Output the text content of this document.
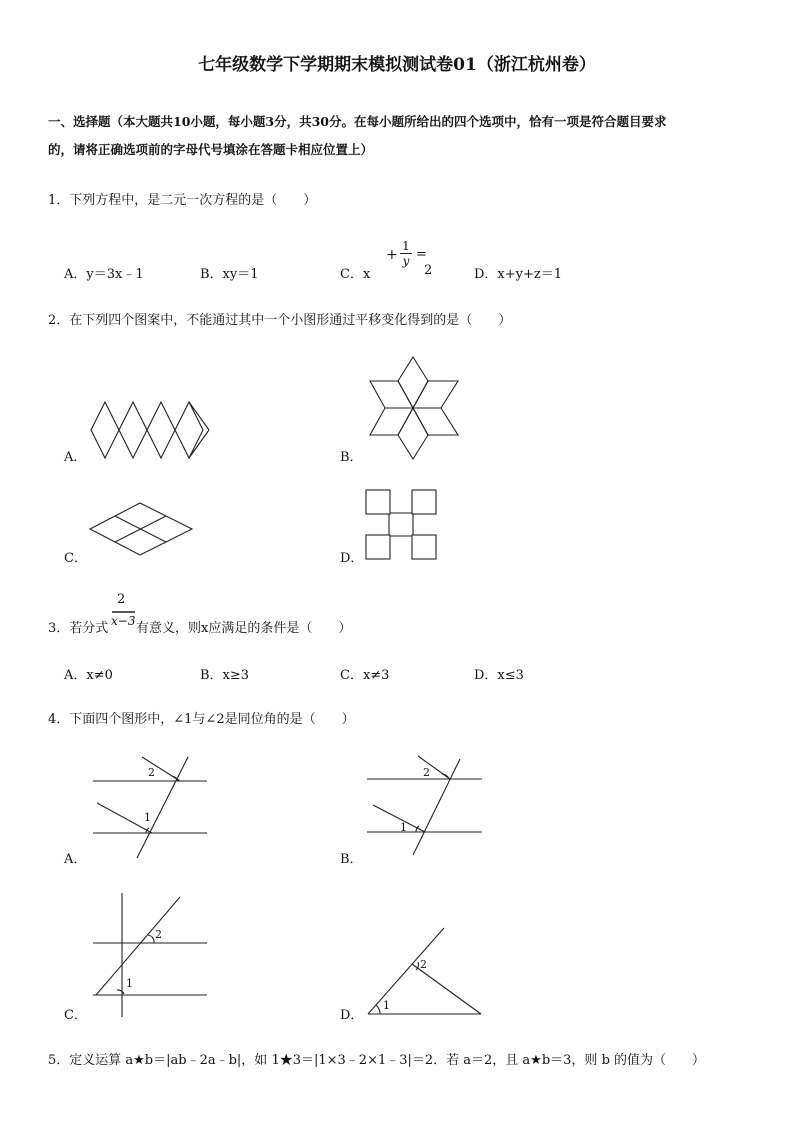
七年级数学下学期期末模拟测试卷01（浙江杭州卷）
一、选择题（本大题共10小题，每小题3分，共30分。在每小题所给出的四个选项中，恰有一项是符合题目要求
的，请将正确选项前的字母代号填涂在答题卡相应位置上）
1．下列方程中，是二元一次方程的是（　　）
A．y＝3x﹣1	B．xy＝1	C．x
+
1
y =
2	D．x+y+z＝1
2．在下列四个图案中，不能通过其中一个小图形通过平移变化得到的是（　　）
A．	B．
C．	D．
3．若分式
2
x−3 有意义，则x应满足的条件是（　　）
A．x≠0	B．x≥3	C．x≠3	D．x≤3
4．下面四个图形中，∠1与∠2是同位角的是（　　）
2
1
A．
2
1
B．
2
1
C．
2
1
D．
5．定义运算 a★b＝|ab﹣2a﹣b|，如 1★3＝|1×3﹣2×1﹣3|＝2．若 a＝2，且 a★b＝3，则 b 的值为（　　）
